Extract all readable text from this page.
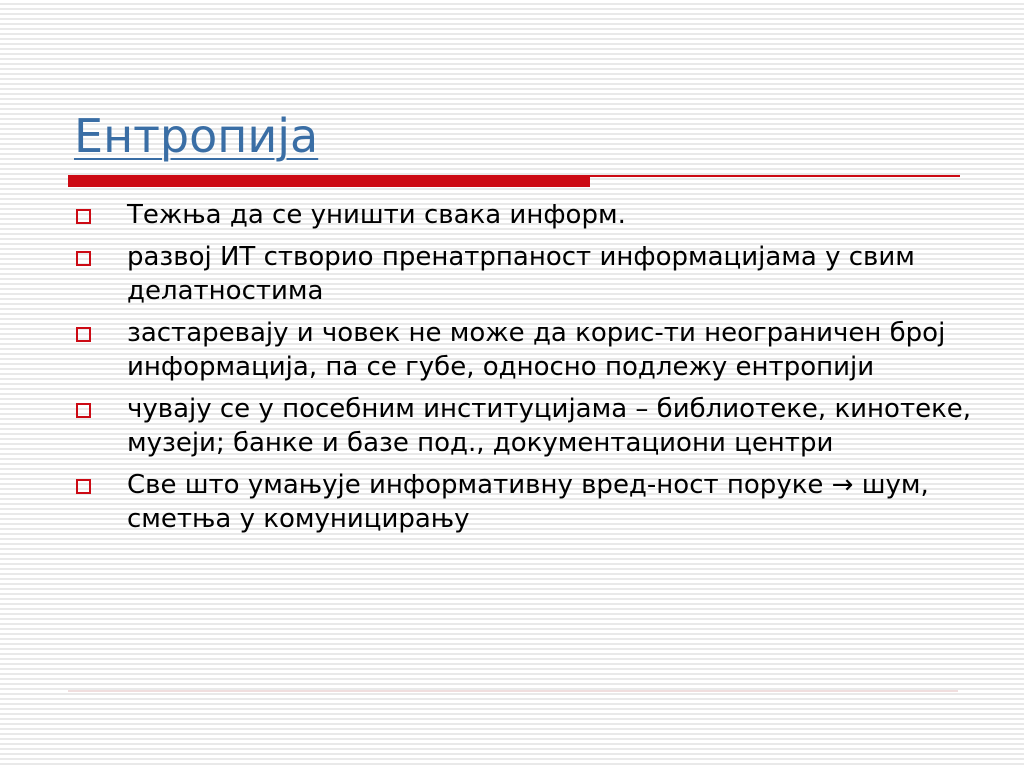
Ентропија
Тежња да се уништи свака информ.
развој ИТ створио пренатрпаност информацијама у свим делатностима
застаревају и човек не може да корис-ти неограничен број информација, па се губе, односно подлежу ентропији
чувају се у посебним институцијама – библиотеке, кинотеке, музеји; банке и базе под., документациони центри
Све што умањује информативну вред-ност поруке → шум, сметња у комуницирању
